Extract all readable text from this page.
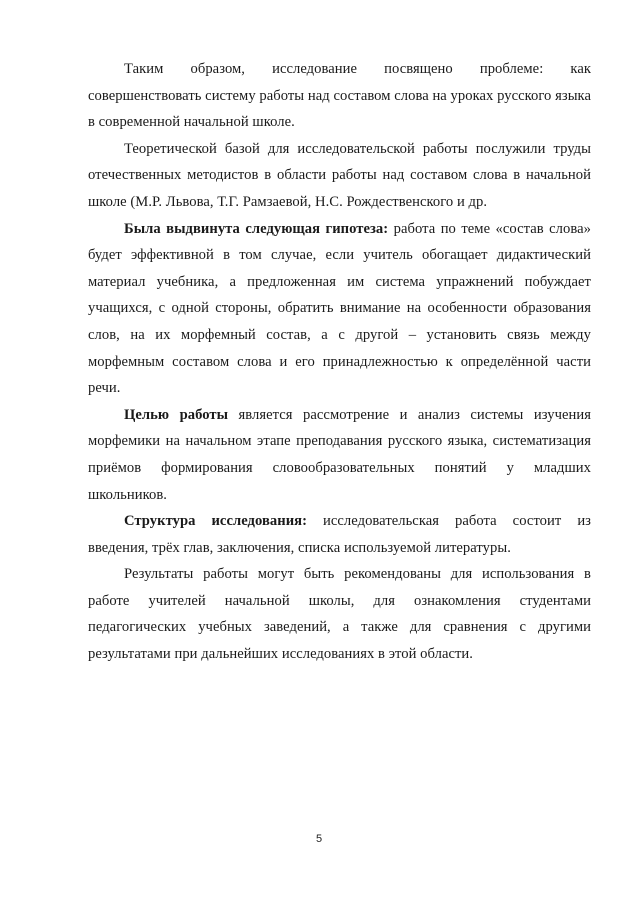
Таким образом, исследование посвящено проблеме: как совершенствовать систему работы над составом слова на уроках русского языка в современной начальной школе.

Теоретической базой для исследовательской работы послужили труды отечественных методистов в области работы над составом слова в начальной школе (М.Р. Львова, Т.Г. Рамзаевой, Н.С. Рождественского и др.

Была выдвинута следующая гипотеза: работа по теме «состав слова» будет эффективной в том случае, если учитель обогащает дидактический материал учебника, а предложенная им система упражнений побуждает учащихся, с одной стороны, обратить внимание на особенности образования слов, на их морфемный состав, а с другой – установить связь между морфемным составом слова и его принадлежностью к определённой части речи.

Целью работы является рассмотрение и анализ системы изучения морфемики на начальном этапе преподавания русского языка, систематизация приёмов формирования словообразовательных понятий у младших школьников.

Структура исследования: исследовательская работа состоит из введения, трёх глав, заключения, списка используемой литературы.

Результаты работы могут быть рекомендованы для использования в работе учителей начальной школы, для ознакомления студентами педагогических учебных заведений, а также для сравнения с другими результатами при дальнейших исследованиях в этой области.

5
